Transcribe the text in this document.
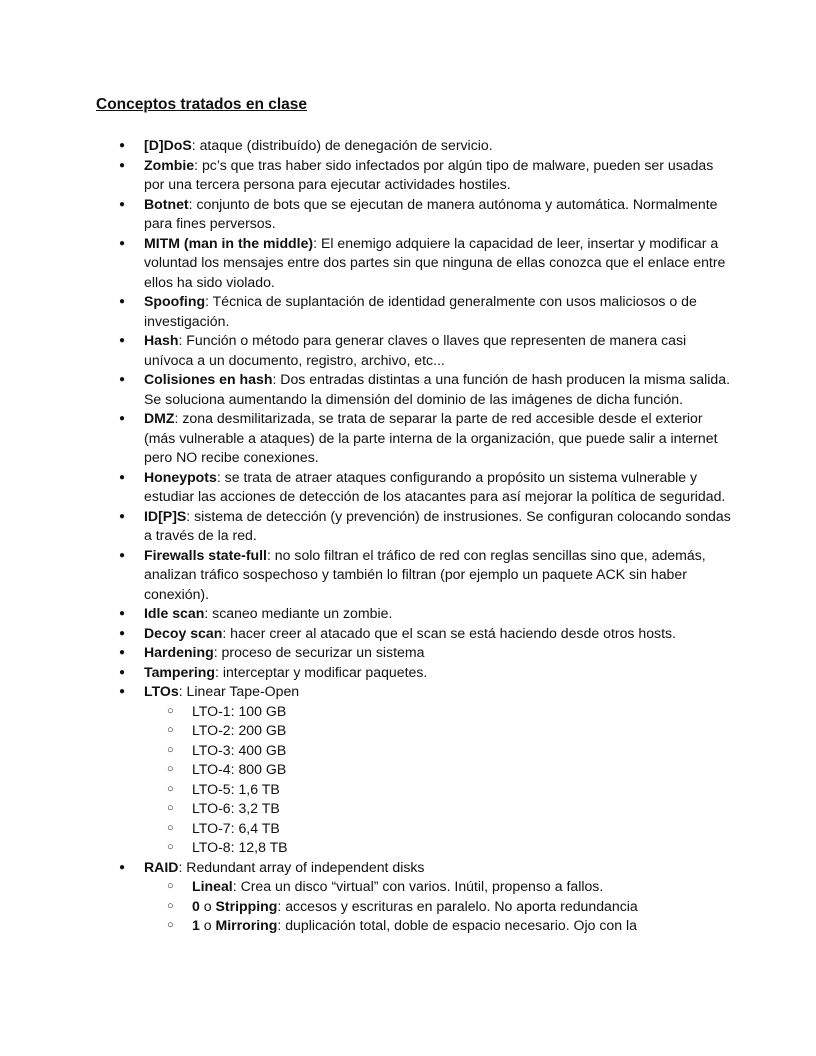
Conceptos tratados en clase
● [D]DoS: ataque (distribuído) de denegación de servicio.
● Zombie: pc’s que tras haber sido infectados por algún tipo de malware, pueden ser usadas por una tercera persona para ejecutar actividades hostiles.
● Botnet: conjunto de bots que se ejecutan de manera autónoma y automática. Normalmente para fines perversos.
● MITM (man in the middle): El enemigo adquiere la capacidad de leer, insertar y modificar a voluntad los mensajes entre dos partes sin que ninguna de ellas conozca que el enlace entre ellos ha sido violado.
● Spoofing: Técnica de suplantación de identidad generalmente con usos maliciosos o de investigación.
● Hash: Función o método para generar claves o llaves que representen de manera casi unívoca a un documento, registro, archivo, etc...
● Colisiones en hash: Dos entradas distintas a una función de hash producen la misma salida. Se soluciona aumentando la dimensión del dominio de las imágenes de dicha función.
● DMZ: zona desmilitarizada, se trata de separar la parte de red accesible desde el exterior (más vulnerable a ataques) de la parte interna de la organización, que puede salir a internet pero NO recibe conexiones.
● Honeypots: se trata de atraer ataques configurando a propósito un sistema vulnerable y estudiar las acciones de detección de los atacantes para así mejorar la política de seguridad.
● ID[P]S: sistema de detección (y prevención) de instrusiones. Se configuran colocando sondas a través de la red.
● Firewalls state-full: no solo filtran el tráfico de red con reglas sencillas sino que, además, analizan tráfico sospechoso y también lo filtran (por ejemplo un paquete ACK sin haber conexión).
● Idle scan: scaneo mediante un zombie.
● Decoy scan: hacer creer al atacado que el scan se está haciendo desde otros hosts.
● Hardening: proceso de securizar un sistema
● Tampering: interceptar y modificar paquetes.
● LTOs: Linear Tape-Open
○ LTO-1: 100 GB
○ LTO-2: 200 GB
○ LTO-3: 400 GB
○ LTO-4: 800 GB
○ LTO-5: 1,6 TB
○ LTO-6: 3,2 TB
○ LTO-7: 6,4 TB
○ LTO-8: 12,8 TB
● RAID: Redundant array of independent disks
○ Lineal: Crea un disco “virtual” con varios. Inútil, propenso a fallos.
○ 0 o Stripping: accesos y escrituras en paralelo. No aporta redundancia
○ 1 o Mirroring: duplicación total, doble de espacio necesario. Ojo con la
